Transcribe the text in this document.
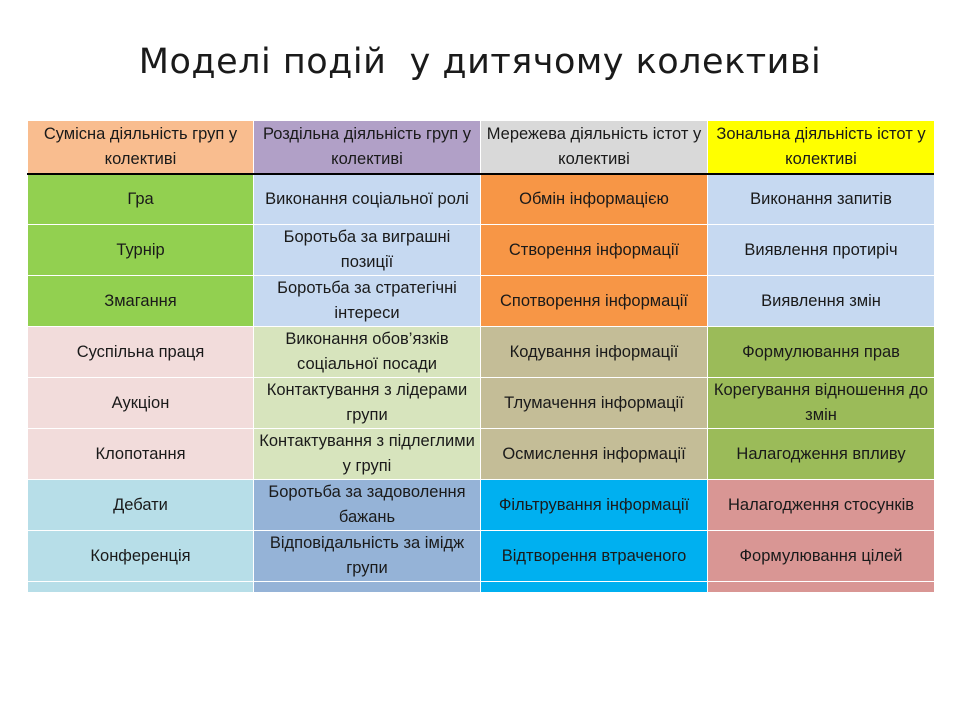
Моделі подій  у дитячому колективі
Сумісна діяльність груп у колективі	Роздільна діяльність груп у колективі	Мережева діяльність істот у колективі	Зональна діяльність істот у колективі
Гра	Виконання соціальної ролі	Обмін інформацією	Виконання запитів
Турнір	Боротьба за виграшні позиції	Створення інформації	Виявлення протиріч
Змагання	Боротьба за стратегічні інтереси	Спотворення інформації	Виявлення змін
Суспільна праця	Виконання обов’язків соціальної посади	Кодування інформації	Формулювання прав
Аукціон	Контактування з лідерами групи	Тлумачення інформації	Корегування відношення до змін
Клопотання	Контактування з підлеглими у групі	Осмислення інформації	Налагодження впливу
Дебати	Боротьба за задоволення бажань	Фільтрування інформації	Налагодження стосунків
Конференція	Відповідальність за імідж групи	Відтворення втраченого	Формулювання цілей
